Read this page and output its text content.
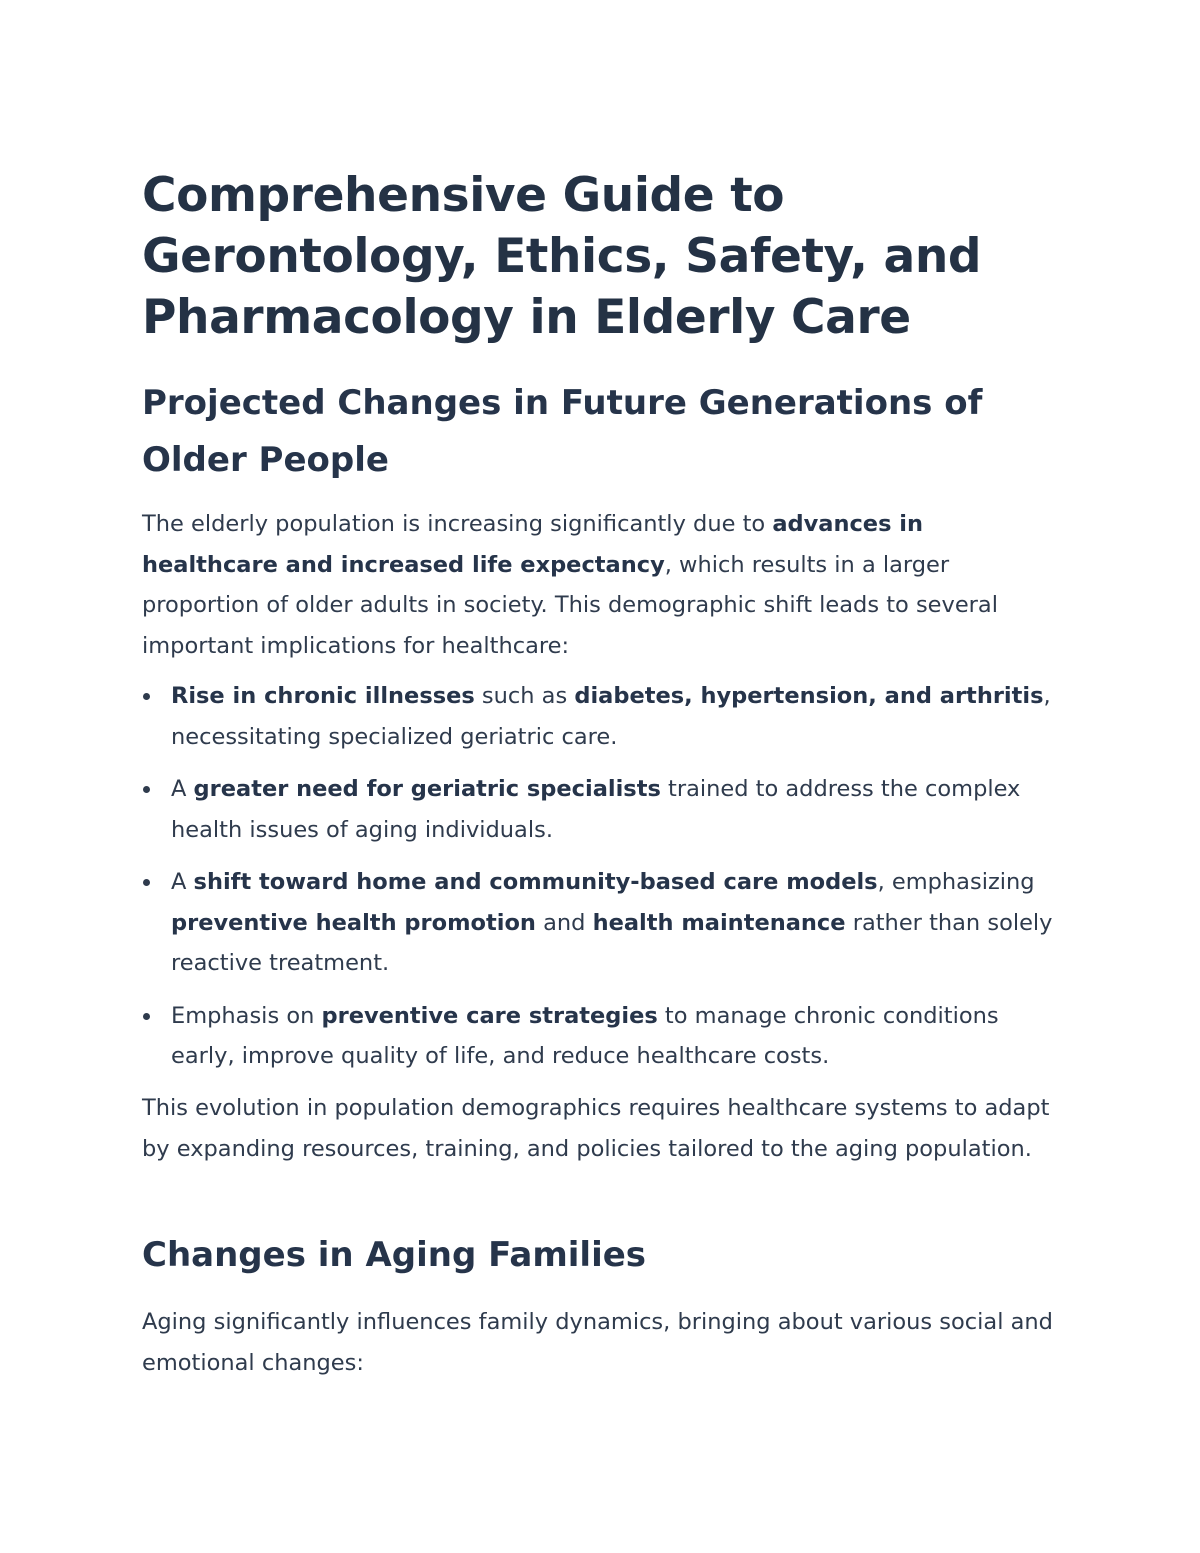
Comprehensive Guide to Gerontology, Ethics, Safety, and Pharmacology in Elderly Care
Projected Changes in Future Generations of Older People

The elderly population is increasing significantly due to advances in healthcare and increased life expectancy, which results in a larger proportion of older adults in society. This demographic shift leads to several important implications for healthcare:

Rise in chronic illnesses such as diabetes, hypertension, and arthritis, necessitating specialized geriatric care.
A greater need for geriatric specialists trained to address the complex health issues of aging individuals.
A shift toward home and community-based care models, emphasizing preventive health promotion and health maintenance rather than solely reactive treatment.
Emphasis on preventive care strategies to manage chronic conditions early, improve quality of life, and reduce healthcare costs.

This evolution in population demographics requires healthcare systems to adapt by expanding resources, training, and policies tailored to the aging population.

Changes in Aging Families

Aging significantly influences family dynamics, bringing about various social and emotional changes:
